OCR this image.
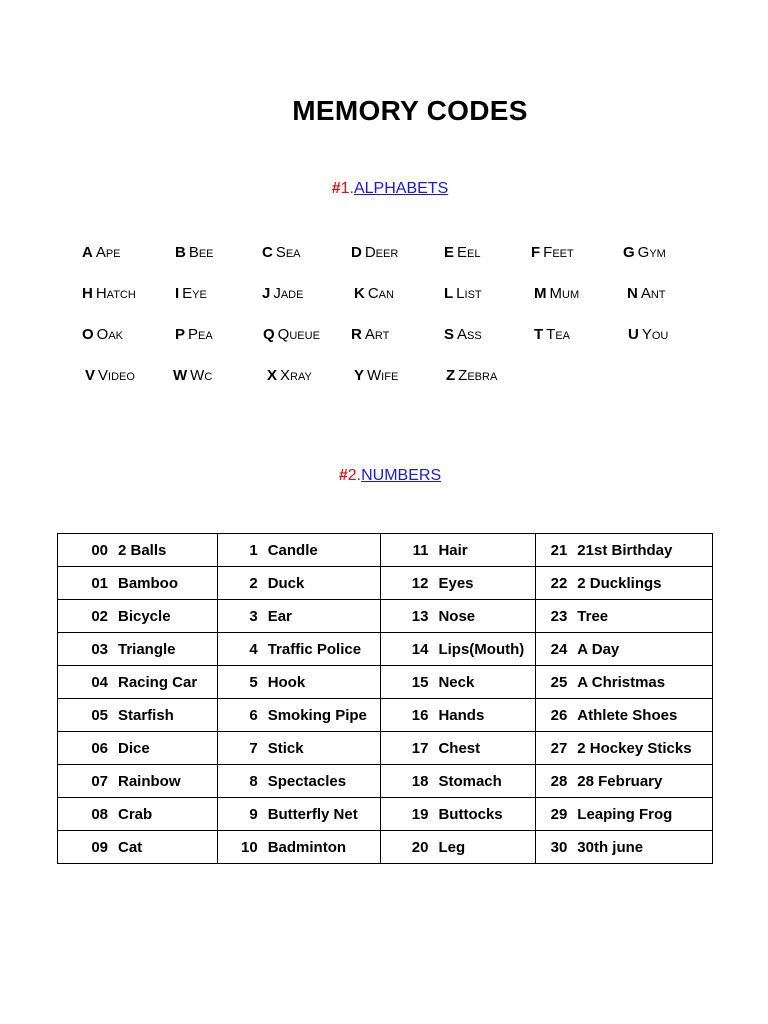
MEMORY CODES
#1.ALPHABETS
A Ape	B Bee	C Sea	D Deer	E Eel	F Feet	G Gym
H Hatch	I Eye	J Jade	K Can	L List	M Mum	N Ant
O Oak	P Pea	Q Queue R Art	S Ass	T Tea	U You
V Video	W Wc	X Xray	Y Wife	Z Zebra
#2.NUMBERS
00 2 Balls	1 Candle	11 Hair	21 21st Birthday
01 Bamboo	2 Duck	12 Eyes	22 2 Ducklings
02 Bicycle	3 Ear	13 Nose	23 Tree
03 Triangle	4 Traffic Police	14 Lips(Mouth)	24 A Day
04 Racing Car	5 Hook	15 Neck	25 A Christmas
05 Starfish	6 Smoking Pipe	16 Hands	26 Athlete Shoes
06 Dice	7 Stick	17 Chest	27 2 Hockey Sticks
07 Rainbow	8 Spectacles	18 Stomach	28 28 February
08 Crab	9 Butterfly Net	19 Buttocks	29 Leaping Frog
09 Cat	10 Badminton	20 Leg	30 30th june
